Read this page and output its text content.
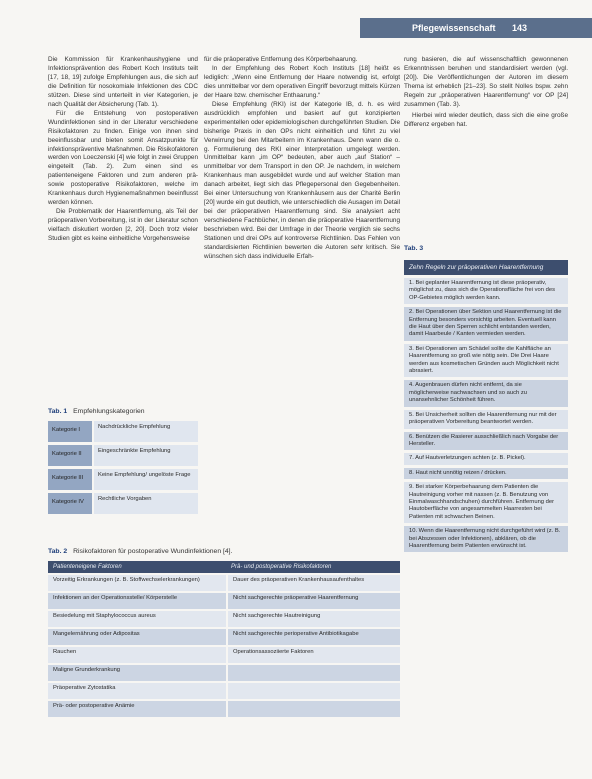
Pflegewissenschaft 143

Die Kommission für Krankenhaushygiene und Infektionsprävention des Robert Koch Instituts teilt [17, 18, 19] zufolge Empfehlungen aus, die sich auf die Definition für nosokomiale Infektionen des CDC stützen. Diese sind unterteilt in vier Kategorien, je nach Qualität der Absicherung (Tab. 1).

Für die Entstehung von postoperativen Wundinfektionen sind in der Literatur verschiedene Risikofaktoren zu finden. Einige von ihnen sind beeinflussbar und bieten somit Ansatzpunkte für infektionspräventive Maßnahmen. Die Risikofaktoren werden von Loeczenski [4] wie folgt in zwei Gruppen eingeteilt (Tab. 2). Zum einen sind es patienteneigene Faktoren und zum anderen prä- sowie postoperative Risikofaktoren, welche im Krankenhaus durch Hygienemaßnahmen beeinflusst werden können.

Die Problematik der Haarentfernung, als Teil der präoperativen Vorbereitung, ist in der Literatur schon vielfach diskutiert worden [2, 20]. Doch trotz vieler Studien gibt es keine einheitliche Vorgehensweise

für die präoperative Entfernung des Körperbehaarung.

In der Empfehlung des Robert Koch Instituts [18] heißt es lediglich: „Wenn eine Entfernung der Haare notwendig ist, erfolgt dies unmittelbar vor dem operativen Eingriff bevorzugt mittels Kürzen der Haare bzw. chemischer Enthaarung.“

Diese Empfehlung (RKI) ist der Kategorie IB, d. h. es wird ausdrücklich empfohlen und basiert auf gut konzipierten experimentellen oder epidemiologischen durchgeführten Studien. Die bisherige Praxis in den OPs nicht einheitlich und führt zu viel Verwirrung bei den Mitarbeitern im Krankenhaus. Denn wann die o. g. Formulierung des RKI einer Interpretation umgelegt werden. Unmittelbar kann „im OP“ bedeuten, aber auch „auf Station“ – unmittelbar vor dem Transport in den OP. Je nachdem, in welchem Krankenhaus man ausgebildet wurde und auf welcher Station man danach arbeitet, liegt sich das Pflegepersonal den Gegebenheiten. Bei einer Untersuchung von Krankenhäusern aus der Charité Berlin [20] wurde ein gut deutlich, wie unterschiedlich die Ausagen im Detail bei der präoperativen Haarentfernung sind. Sie analysiert acht verschiedene Fachbücher, in denen die präoperative Haarentfernung beschrieben wird. Bei der Umfrage in der Theorie verglich sie sechs Stationen und drei OPs auf kontroverse Richtlinien. Das Fehlen von standardisierten Richtlinien bewerten die Autoren sehr kritisch. Sie wünschen sich dass individuelle Erfah-

rung basieren, die auf wissenschaftlich gewonnenen Erkenntnissen beruhen und standardisiert werden (vgl. [20]). Die Veröffentlichungen der Autoren im diesem Thema ist erheblich [21–23]. So stellt Nolles bspw. zehn Regeln zur „präoperativen Haarentfernung“ vor OP [24] zusammen (Tab. 3).

Hierbei wird wieder deutlich, dass sich die eine große Differenz ergeben hat.

Tab. 1 Empfehlungskategorien
Kategorie I	Nachdrückliche Empfehlung
Kategorie II	Eingeschränkte Empfehlung
Kategorie III	Keine Empfehlung/ ungelöste Frage
Kategorie IV	Rechtliche Vorgaben
Tab. 2 Risikofaktoren für postoperative Wundinfektionen [4].
Patienteneigene Faktoren	Prä- und postoperative Risikofaktoren
Vorzeitig Erkrankungen (z. B. Stoffwechselerkrankungen)	Dauer des präoperativen Krankenhausaufenthaltes
Infektionen an der Operationsstelle/ Körperstelle	Nicht sachgerechte präoperative Haarentfernung
Besiedelung mit Staphylococcus aureus	Nicht sachgerechte Hautreinigung
Mangelernährung oder Adipositas	Nicht sachgerechte perioperative Antibiotikagabe
Rauchen	Operationsassoziierte Faktoren
Maligne Grunderkrankung
Präoperative Zytostatika
Prä- oder postoperative Anämie
Tab. 3
Zehn Regeln zur präoperativen Haarentfernung
1. Bei geplanter Haarentfernung ist diese präoperativ, möglichst zu, dass sich die Operationsfläche frei von des OP-Gebietes möglich werden kann.
2. Bei Operationen über Sektion und Haarentfernung ist die Entfernung besonders vorsichtig arbeiten. Eventuell kann die Haut über den Sperren schlicht entstanden werden, damit Haarbeule / Kanten vermieden werden.
3. Bei Operationen am Schädel sollte die Kahlfläche an Haarentfernung so groß wie nötig sein. Die Drei Haare werden aus kosmetischen Gründen auch Möglichkeit nicht abrasiert.
4. Augenbrauen dürfen nicht entfernt, da sie möglicherweise nachwachsen und so auch zu unansehnlicher Schönheit führen.
5. Bei Unsicherheit sollten die Haarentfernung nur mit der präoperativen Vorbereitung beantwortet werden.
6. Benützen die Rasierer ausschließlich nach Vorgabe der Hersteller.
7. Auf Hautverletzungen achten (z. B. Pickel).
8. Haut nicht unnötig reizen / drücken.
9. Bei starker Körperbehaarung dem Patienten die Hautreinigung vorher mit nassen (z. B. Benutzung von Einmalwaschhandschuhen) durchführen. Entfernung der Hautoberfläche von angesammelten Haarresten bei Patienten mit schwachen Beinen.
10. Wenn die Haarentfernung nicht durchgeführt wird (z. B. bei Abszessen oder Infektionen), abklären, ob die Haarentfernung beim Patienten erwünscht ist.
